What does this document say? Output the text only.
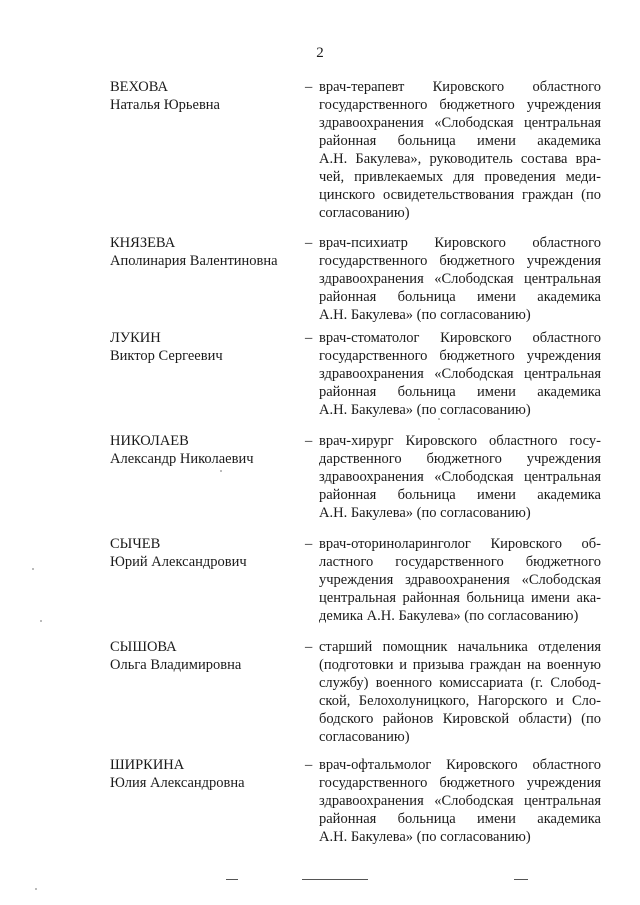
2
ВЕХОВА
Наталья Юрьевна
– врач-терапевт Кировского областного
государственного бюджетного учреждения
здравоохранения «Слободская центральная
районная больница имени академика
А.Н. Бакулева», руководитель состава вра-
чей, привлекаемых для проведения меди-
цинского освидетельствования граждан (по
согласованию)
КНЯЗЕВА
Аполинария Валентиновна
– врач-психиатр Кировского областного
государственного бюджетного учреждения
здравоохранения «Слободская центральная
районная больница имени академика
А.Н. Бакулева» (по согласованию)
ЛУКИН
Виктор Сергеевич
– врач-стоматолог Кировского областного
государственного бюджетного учреждения
здравоохранения «Слободская центральная
районная больница имени академика
А.Н. Бакулева» (по согласованию)
НИКОЛАЕВ
Александр Николаевич
– врач-хирург Кировского областного госу-
дарственного бюджетного учреждения
здравоохранения «Слободская центральная
районная больница имени академика
А.Н. Бакулева» (по согласованию)
СЫЧЕВ
Юрий Александрович
– врач-оториноларинголог Кировского об-
ластного государственного бюджетного
учреждения здравоохранения «Слободская
центральная районная больница имени ака-
демика А.Н. Бакулева» (по согласованию)
СЫШОВА
Ольга Владимировна
– старший помощник начальника отделения
(подготовки и призыва граждан на военную
службу) военного комиссариата (г. Слобод-
ской, Белохолуницкого, Нагорского и Сло-
бодского районов Кировской области) (по
согласованию)
ШИРКИНА
Юлия Александровна
– врач-офтальмолог Кировского областного
государственного бюджетного учреждения
здравоохранения «Слободская центральная
районная больница имени академика
А.Н. Бакулева» (по согласованию)
